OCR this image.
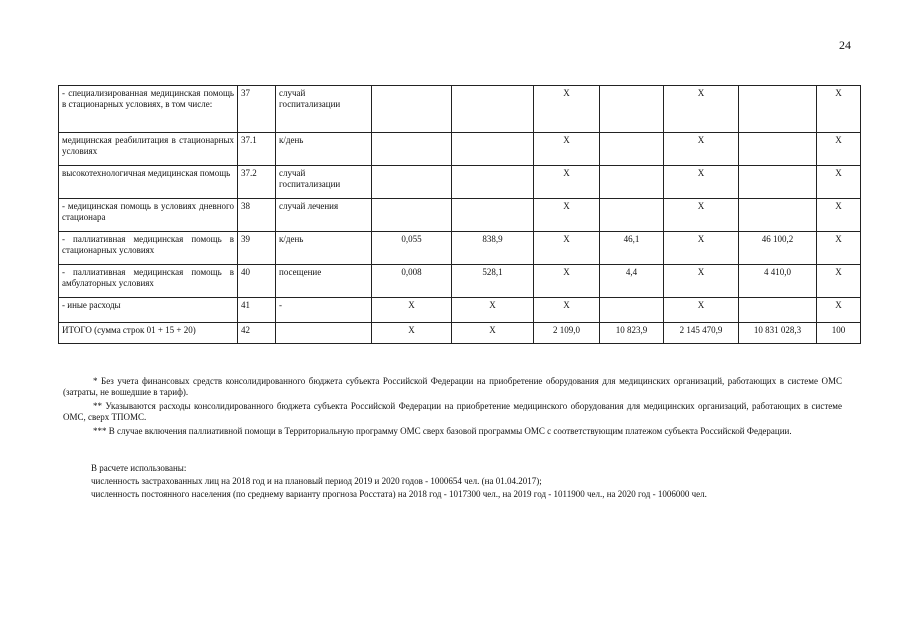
24
- специализированная медицинская помощь в стационарных условиях, в том числе:	37	случай госпитализации			X		X		X
медицинская реабилитация в стационарных условиях	37.1	к/день			X		X		X
высокотехнологичная медицинская помощь	37.2	случай госпитализации			X		X		X
- медицинская помощь в условиях дневного стационара	38	случай лечения			X		X		X
- паллиативная медицинская помощь в стационарных условиях	39	к/день	0,055	838,9	X	46,1	X	46 100,2	X
- паллиативная медицинская помощь в амбулаторных условиях	40	посещение	0,008	528,1	X	4,4	X	4 410,0	X
- иные расходы	41	-	X	X	X		X		X
ИТОГО (сумма строк 01 + 15 + 20)	42		X	X	2 109,0	10 823,9	2 145 470,9	10 831 028,3	100

* Без учета финансовых средств консолидированного бюджета субъекта Российской Федерации на приобретение оборудования для медицинских организаций, работающих в системе ОМС (затраты, не вошедшие в тариф).

** Указываются расходы консолидированного бюджета субъекта Российской Федерации на приобретение медицинского оборудования для медицинских организаций, работающих в системе ОМС, сверх ТПОМС.

*** В случае включения паллиативной помощи в Территориальную программу ОМС сверх базовой программы ОМС с соответствующим платежом субъекта Российской Федерации.

В расчете использованы:
численность застрахованных лиц на 2018 год и на плановый период 2019 и 2020 годов - 1000654 чел. (на 01.04.2017);
численность постоянного населения (по среднему варианту прогноза Росстата) на 2018 год - 1017300 чел., на 2019 год - 1011900 чел., на 2020 год - 1006000 чел.
